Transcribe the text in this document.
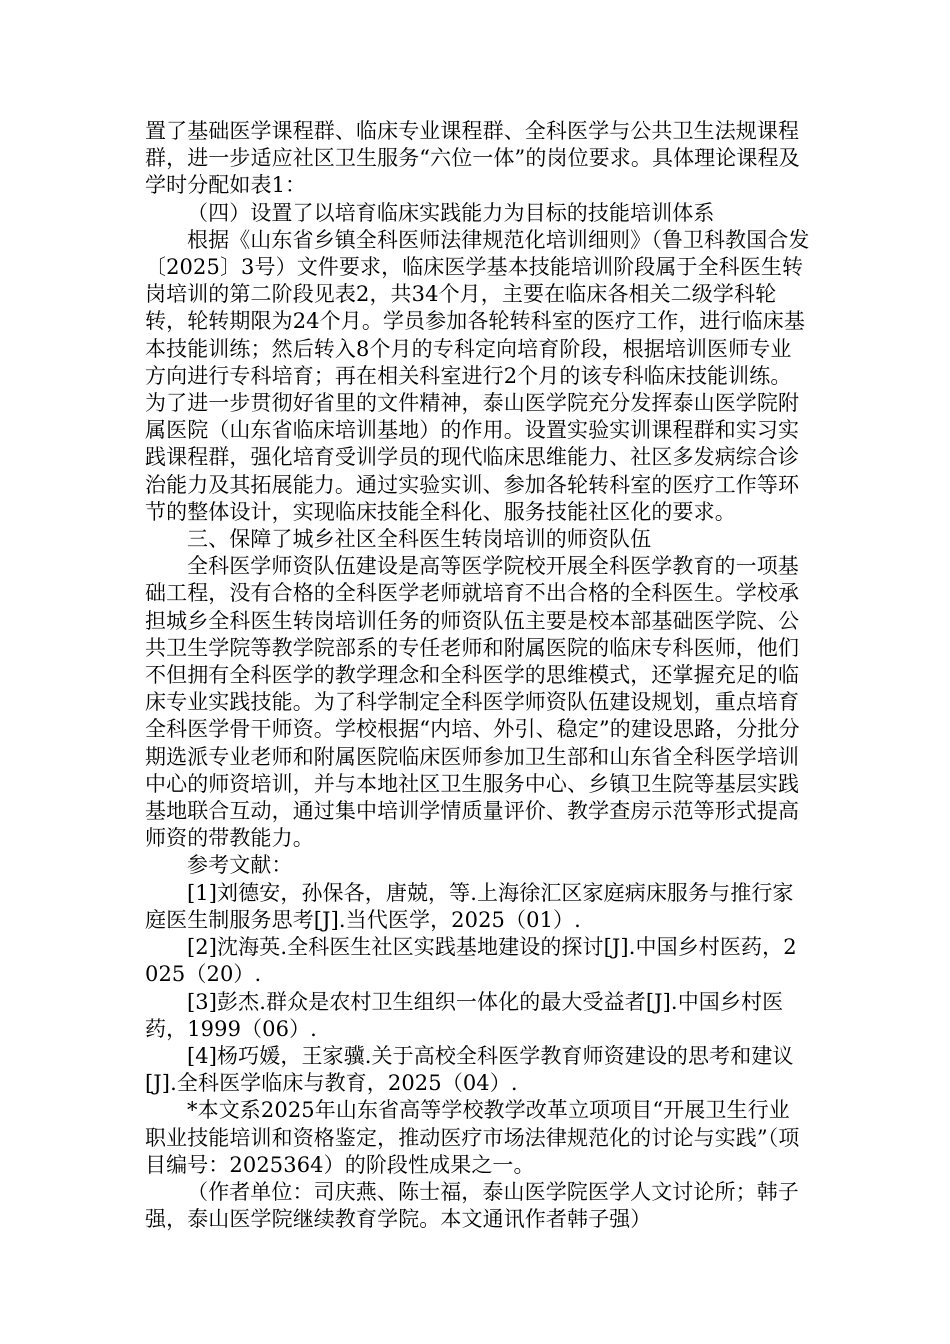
置了基础医学课程群、临床专业课程群、全科医学与公共卫生法规课程群，进一步适应社区卫生服务“六位一体”的岗位要求。具体理论课程及学时分配如表1：

（四）设置了以培育临床实践能力为目标的技能培训体系

根据《山东省乡镇全科医师法律规范化培训细则》（鲁卫科教国合发〔2025〕3号）文件要求，临床医学基本技能培训阶段属于全科医生转岗培训的第二阶段见表2，共34个月，主要在临床各相关二级学科轮转，轮转期限为24个月。学员参加各轮转科室的医疗工作，进行临床基本技能训练；然后转入8个月的专科定向培育阶段，根据培训医师专业方向进行专科培育；再在相关科室进行2个月的该专科临床技能训练。为了进一步贯彻好省里的文件精神，泰山医学院充分发挥泰山医学院附属医院（山东省临床培训基地）的作用。设置实验实训课程群和实习实践课程群，强化培育受训学员的现代临床思维能力、社区多发病综合诊治能力及其拓展能力。通过实验实训、参加各轮转科室的医疗工作等环节的整体设计，实现临床技能全科化、服务技能社区化的要求。

三、保障了城乡社区全科医生转岗培训的师资队伍

全科医学师资队伍建设是高等医学院校开展全科医学教育的一项基础工程，没有合格的全科医学老师就培育不出合格的全科医生。学校承担城乡全科医生转岗培训任务的师资队伍主要是校本部基础医学院、公共卫生学院等教学院部系的专任老师和附属医院的临床专科医师，他们不但拥有全科医学的教学理念和全科医学的思维模式，还掌握充足的临床专业实践技能。为了科学制定全科医学师资队伍建设规划，重点培育全科医学骨干师资。学校根据“内培、外引、稳定”的建设思路，分批分期选派专业老师和附属医院临床医师参加卫生部和山东省全科医学培训中心的师资培训，并与本地社区卫生服务中心、乡镇卫生院等基层实践基地联合互动，通过集中培训学情质量评价、教学查房示范等形式提高师资的带教能力。

参考文献：

[1]刘德安，孙保各，唐兢，等.上海徐汇区家庭病床服务与推行家庭医生制服务思考[J].当代医学，2025（01）.

[2]沈海英.全科医生社区实践基地建设的探讨[J].中国乡村医药，2025（20）.

[3]彭杰.群众是农村卫生组织一体化的最大受益者[J].中国乡村医药，1999（06）.

[4]杨巧媛，王家骥.关于高校全科医学教育师资建设的思考和建议[J].全科医学临床与教育，2025（04）.

*本文系2025年山东省高等学校教学改革立项项目“开展卫生行业职业技能培训和资格鉴定，推动医疗市场法律规范化的讨论与实践”（项目编号：2025364）的阶段性成果之一。

（作者单位：司庆燕、陈士福，泰山医学院医学人文讨论所；韩子强，泰山医学院继续教育学院。本文通讯作者韩子强）
